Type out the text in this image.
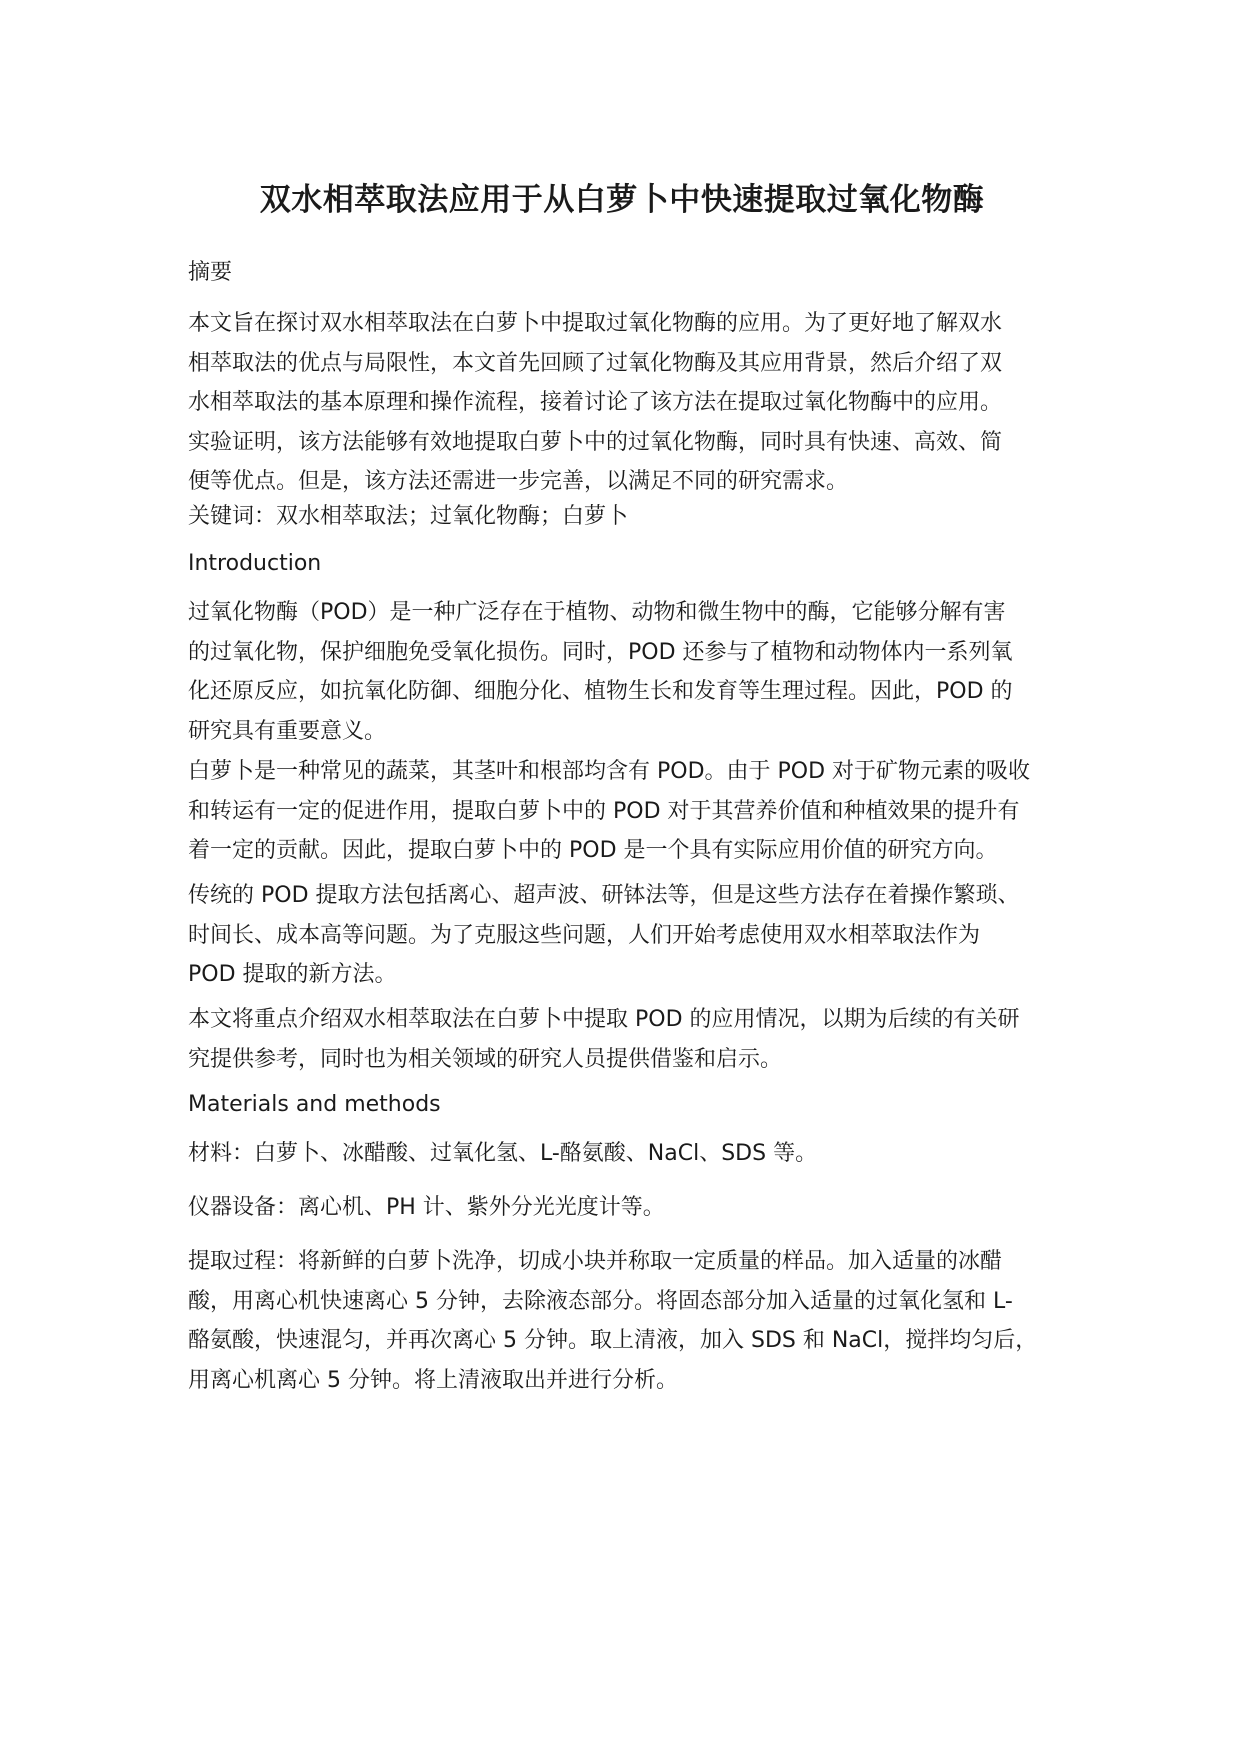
双水相萃取法应用于从白萝卜中快速提取过氧化物酶

摘要

本文旨在探讨双水相萃取法在白萝卜中提取过氧化物酶的应用。为了更好地了解双水
相萃取法的优点与局限性，本文首先回顾了过氧化物酶及其应用背景，然后介绍了双
水相萃取法的基本原理和操作流程，接着讨论了该方法在提取过氧化物酶中的应用。
实验证明，该方法能够有效地提取白萝卜中的过氧化物酶，同时具有快速、高效、简
便等优点。但是，该方法还需进一步完善，以满足不同的研究需求。

关键词：双水相萃取法；过氧化物酶；白萝卜

Introduction

过氧化物酶（POD）是一种广泛存在于植物、动物和微生物中的酶，它能够分解有害
的过氧化物，保护细胞免受氧化损伤。同时，POD 还参与了植物和动物体内一系列氧
化还原反应，如抗氧化防御、细胞分化、植物生长和发育等生理过程。因此，POD 的
研究具有重要意义。

白萝卜是一种常见的蔬菜，其茎叶和根部均含有 POD。由于 POD 对于矿物元素的吸收
和转运有一定的促进作用，提取白萝卜中的 POD 对于其营养价值和种植效果的提升有
着一定的贡献。因此，提取白萝卜中的 POD 是一个具有实际应用价值的研究方向。

传统的 POD 提取方法包括离心、超声波、研钵法等，但是这些方法存在着操作繁琐、
时间长、成本高等问题。为了克服这些问题，人们开始考虑使用双水相萃取法作为
POD 提取的新方法。

本文将重点介绍双水相萃取法在白萝卜中提取 POD 的应用情况，以期为后续的有关研
究提供参考，同时也为相关领域的研究人员提供借鉴和启示。

Materials and methods

材料：白萝卜、冰醋酸、过氧化氢、L-酪氨酸、NaCl、SDS 等。

仪器设备：离心机、PH 计、紫外分光光度计等。

提取过程：将新鲜的白萝卜洗净，切成小块并称取一定质量的样品。加入适量的冰醋
酸，用离心机快速离心 5 分钟，去除液态部分。将固态部分加入适量的过氧化氢和 L-
酪氨酸，快速混匀，并再次离心 5 分钟。取上清液，加入 SDS 和 NaCl，搅拌均匀后，
用离心机离心 5 分钟。将上清液取出并进行分析。
